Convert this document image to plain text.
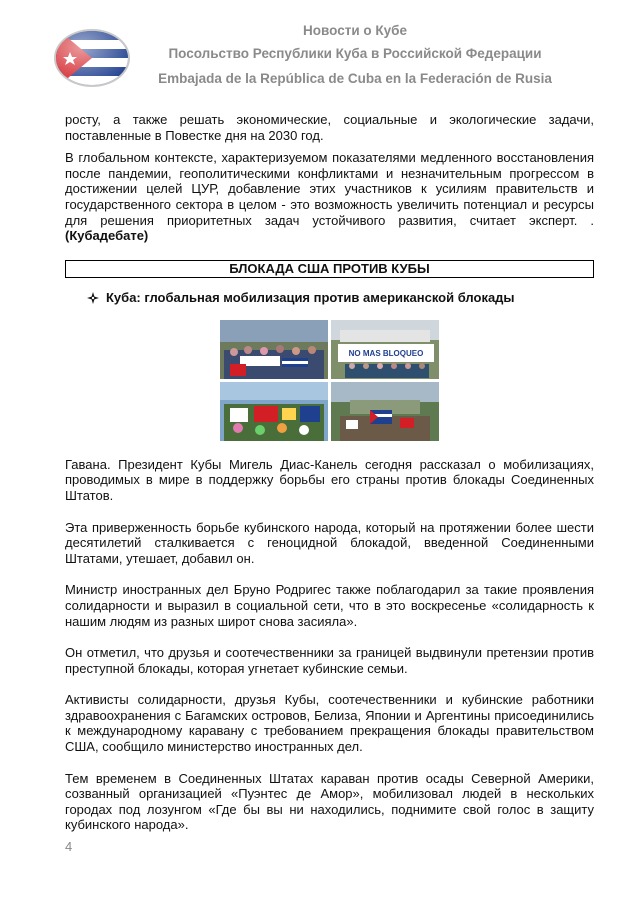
Новости о Кубе
Посольство Республики Куба в Российской Федерации
Embajada de la República de Cuba en la Federación de Rusia

росту, а также решать экономические, социальные и экологические задачи, поставленные в Повестке дня на 2030 год.

В глобальном контексте, характеризуемом показателями медленного восстановления после пандемии, геополитическими конфликтами и незначительным прогрессом в достижении целей ЦУР, добавление этих участников к усилиям правительств и государственного сектора в целом - это возможность увеличить потенциал и ресурсы для решения приоритетных задач устойчивого развития, считает эксперт. . (Кубадебате)

БЛОКАДА США ПРОТИВ КУБЫ
Куба: глобальная мобилизация против американской блокады
NO MAS BLOQUEO

Гавана. Президент Кубы Мигель Диас-Канель сегодня рассказал о мобилизациях, проводимых в мире в поддержку борьбы его страны против блокады Соединенных Штатов.

Эта приверженность борьбе кубинского народа, который на протяжении более шести десятилетий сталкивается с геноцидной блокадой, введенной Соединенными Штатами, утешает, добавил он.

Министр иностранных дел Бруно Родригес также поблагодарил за такие проявления солидарности и выразил в социальной сети, что в это воскресенье «солидарность к нашим людям из разных широт снова засияла».

Он отметил, что друзья и соотечественники за границей выдвинули претензии против преступной блокады, которая угнетает кубинские семьи.

Активисты солидарности, друзья Кубы, соотечественники и кубинские работники здравоохранения с Багамских островов, Белиза, Японии и Аргентины присоединились к международному каравану с требованием прекращения блокады правительством США, сообщило министерство иностранных дел.

Тем временем в Соединенных Штатах караван против осады Северной Америки, созванный организацией «Пуэнтес де Амор», мобилизовал людей в нескольких городах под лозунгом «Где бы вы ни находились, поднимите свой голос в защиту кубинского народа».

4
